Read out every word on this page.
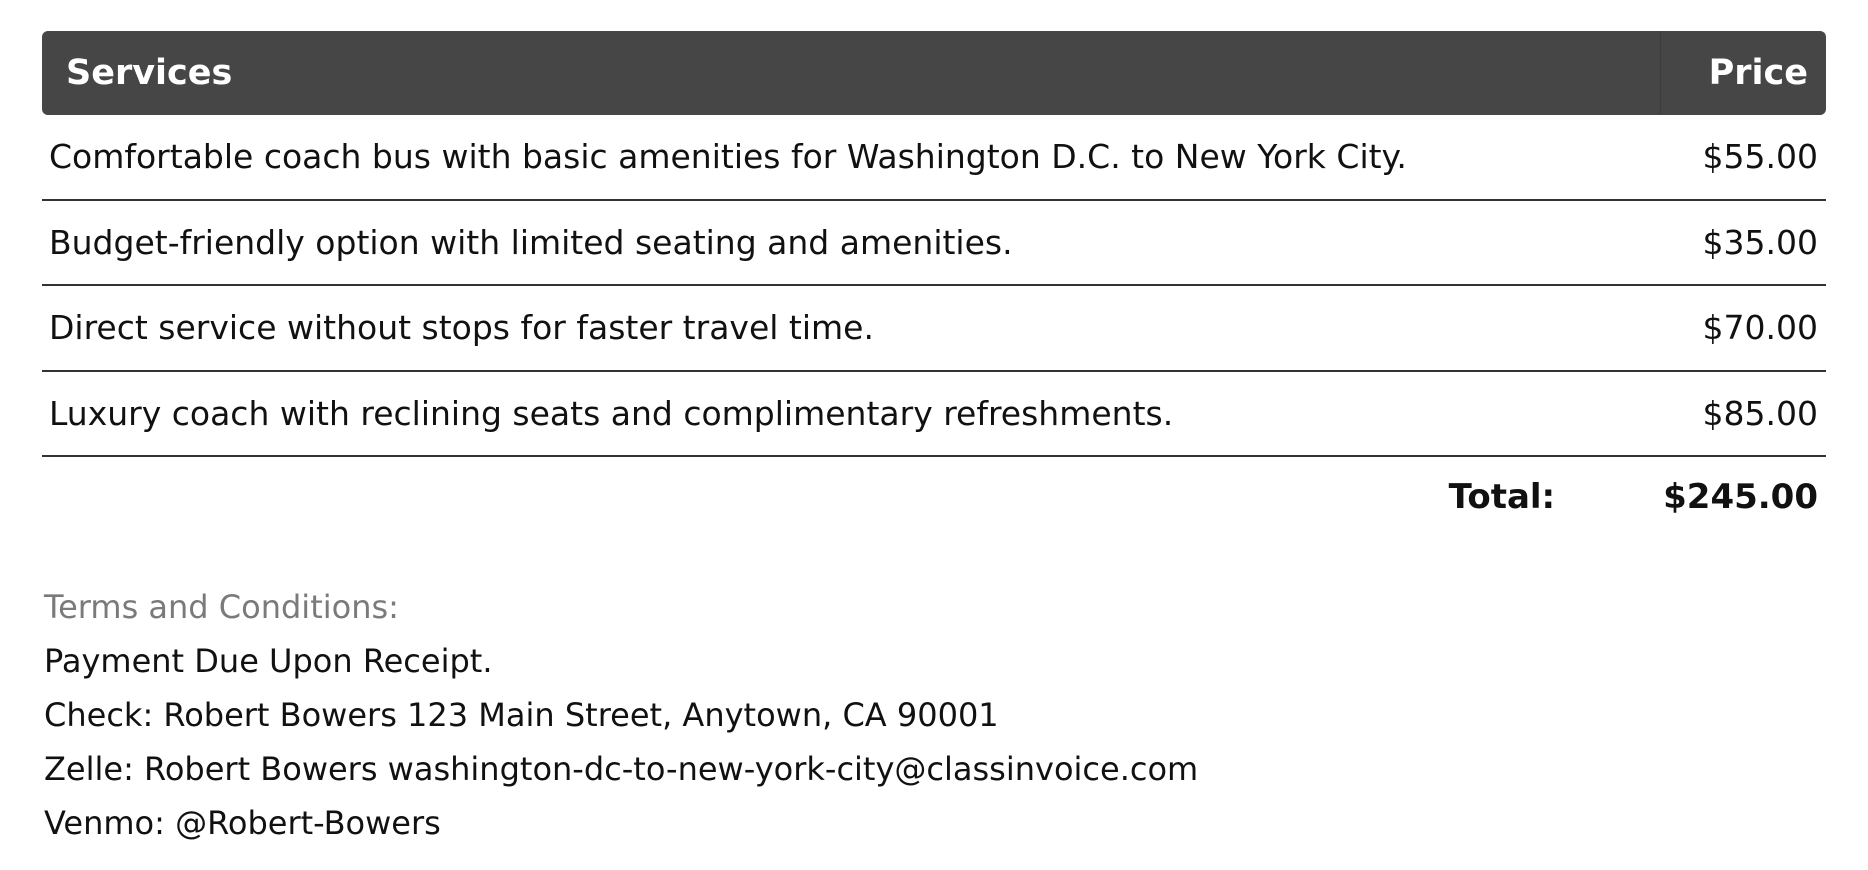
Services	Price
Comfortable coach bus with basic amenities for Washington D.C. to New York City.	$55.00
Budget-friendly option with limited seating and amenities.	$35.00
Direct service without stops for faster travel time.	$70.00
Luxury coach with reclining seats and complimentary refreshments.	$85.00
Total:	$245.00
Terms and Conditions:
Payment Due Upon Receipt.
Check: Robert Bowers 123 Main Street, Anytown, CA 90001
Zelle: Robert Bowers washington-dc-to-new-york-city@classinvoice.com
Venmo: @Robert-Bowers
